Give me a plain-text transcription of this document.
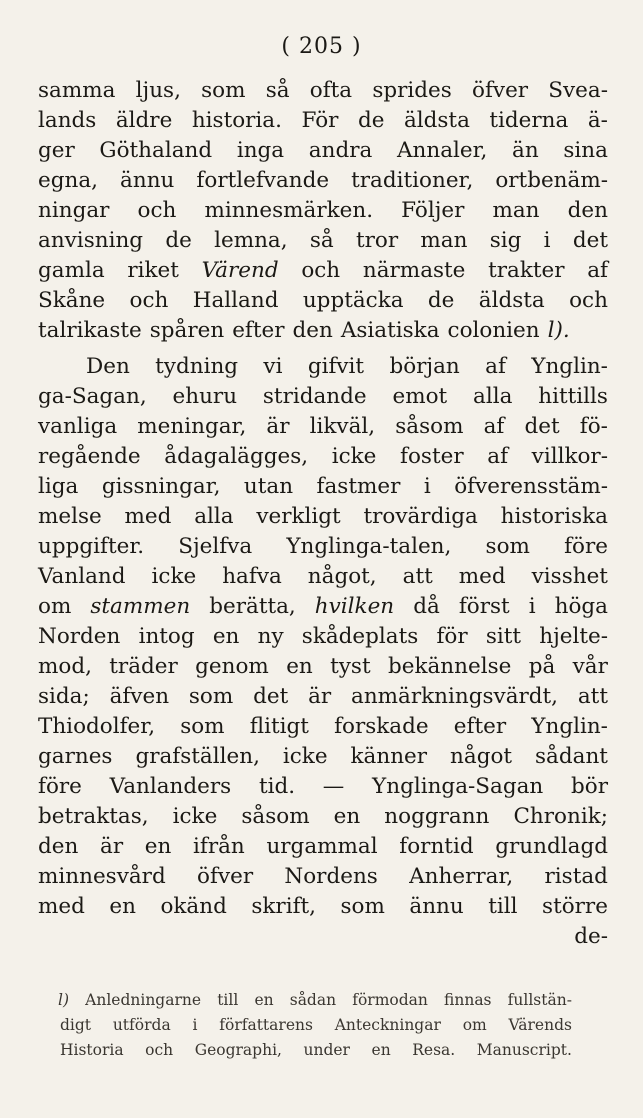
( 205 )
samma ljus, som så ofta sprides öfver Svea-
lands äldre historia. För de äldsta tiderna ä-
ger Göthaland inga andra Annaler, än sina
egna, ännu fortlefvande traditioner, ortbenäm-
ningar och minnesmärken. Följer man den
anvisning de lemna, så tror man sig i det
gamla riket Värend och närmaste trakter af
Skåne och Halland upptäcka de äldsta och
talrikaste spåren efter den Asiatiska colonien l).
Den tydning vi gifvit början af Ynglin-
ga-Sagan, ehuru stridande emot alla hittills
vanliga meningar, är likväl, såsom af det fö-
regående ådagalägges, icke foster af villkor-
liga gissningar, utan fastmer i öfverensstäm-
melse med alla verkligt trovärdiga historiska
uppgifter. Sjelfva Ynglinga-talen, som före
Vanland icke hafva något, att med visshet
om stammen berätta, hvilken då först i höga
Norden intog en ny skådeplats för sitt hjelte-
mod, träder genom en tyst bekännelse på vår
sida; äfven som det är anmärkningsvärdt, att
Thiodolfer, som flitigt forskade efter Ynglin-
garnes grafställen, icke känner något sådant
före Vanlanders tid. — Ynglinga-Sagan bör
betraktas, icke såsom en noggrann Chronik;
den är en ifrån urgammal forntid grundlagd
minnesvård öfver Nordens Anherrar, ristad
med en okänd skrift, som ännu till större
de-
l) Anledningarne till en sådan förmodan finnas fullstän-
digt utförda i författarens Anteckningar om Värends
Historia och Geographi, under en Resa. Manuscript.
